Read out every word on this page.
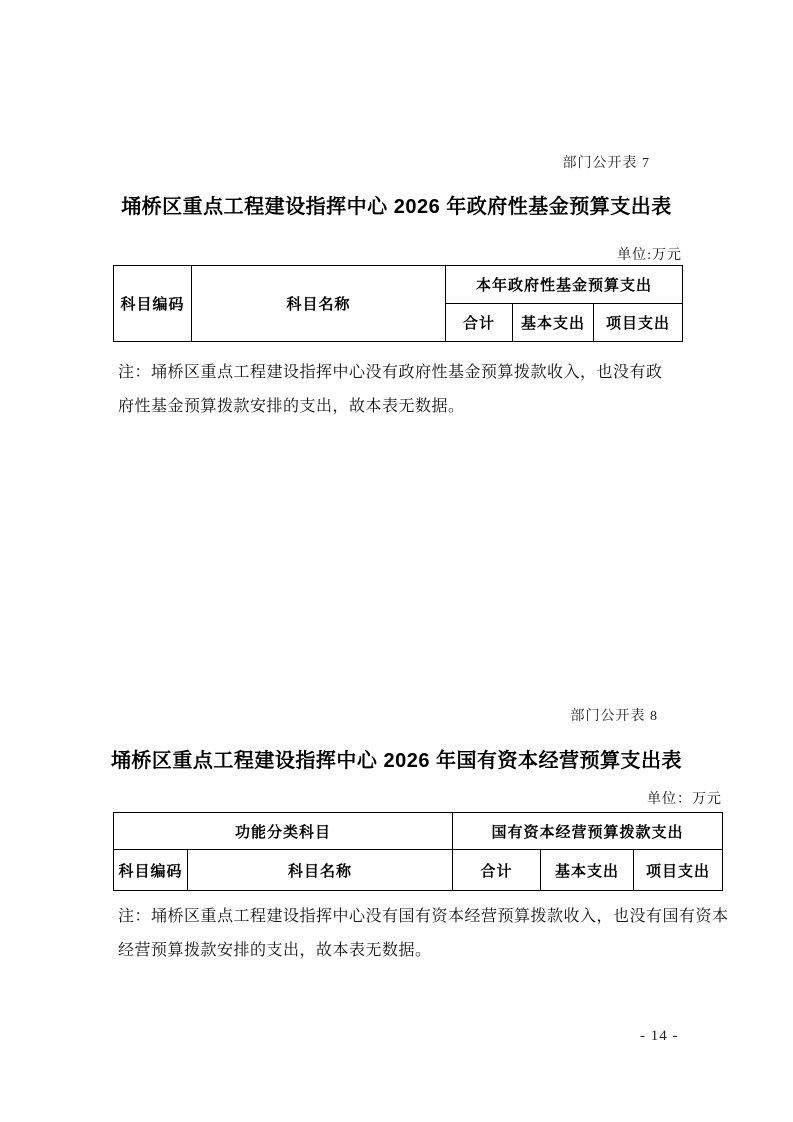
部门公开表 7
埇桥区重点工程建设指挥中心 2026 年政府性基金预算支出表
单位:万元
科目编码	科目名称	本年政府性基金预算支出		
		合计	基本支出	项目支出
注：埇桥区重点工程建设指挥中心没有政府性基金预算拨款收入，也没有政
府性基金预算拨款安排的支出，故本表无数据。
部门公开表 8
埇桥区重点工程建设指挥中心 2026 年国有资本经营预算支出表
单位：万元
功能分类科目		国有资本经营预算拨款支出		
科目编码	科目名称	合计	基本支出	项目支出
注：埇桥区重点工程建设指挥中心没有国有资本经营预算拨款收入，也没有国有资本
经营预算拨款安排的支出，故本表无数据。
- 14 -
